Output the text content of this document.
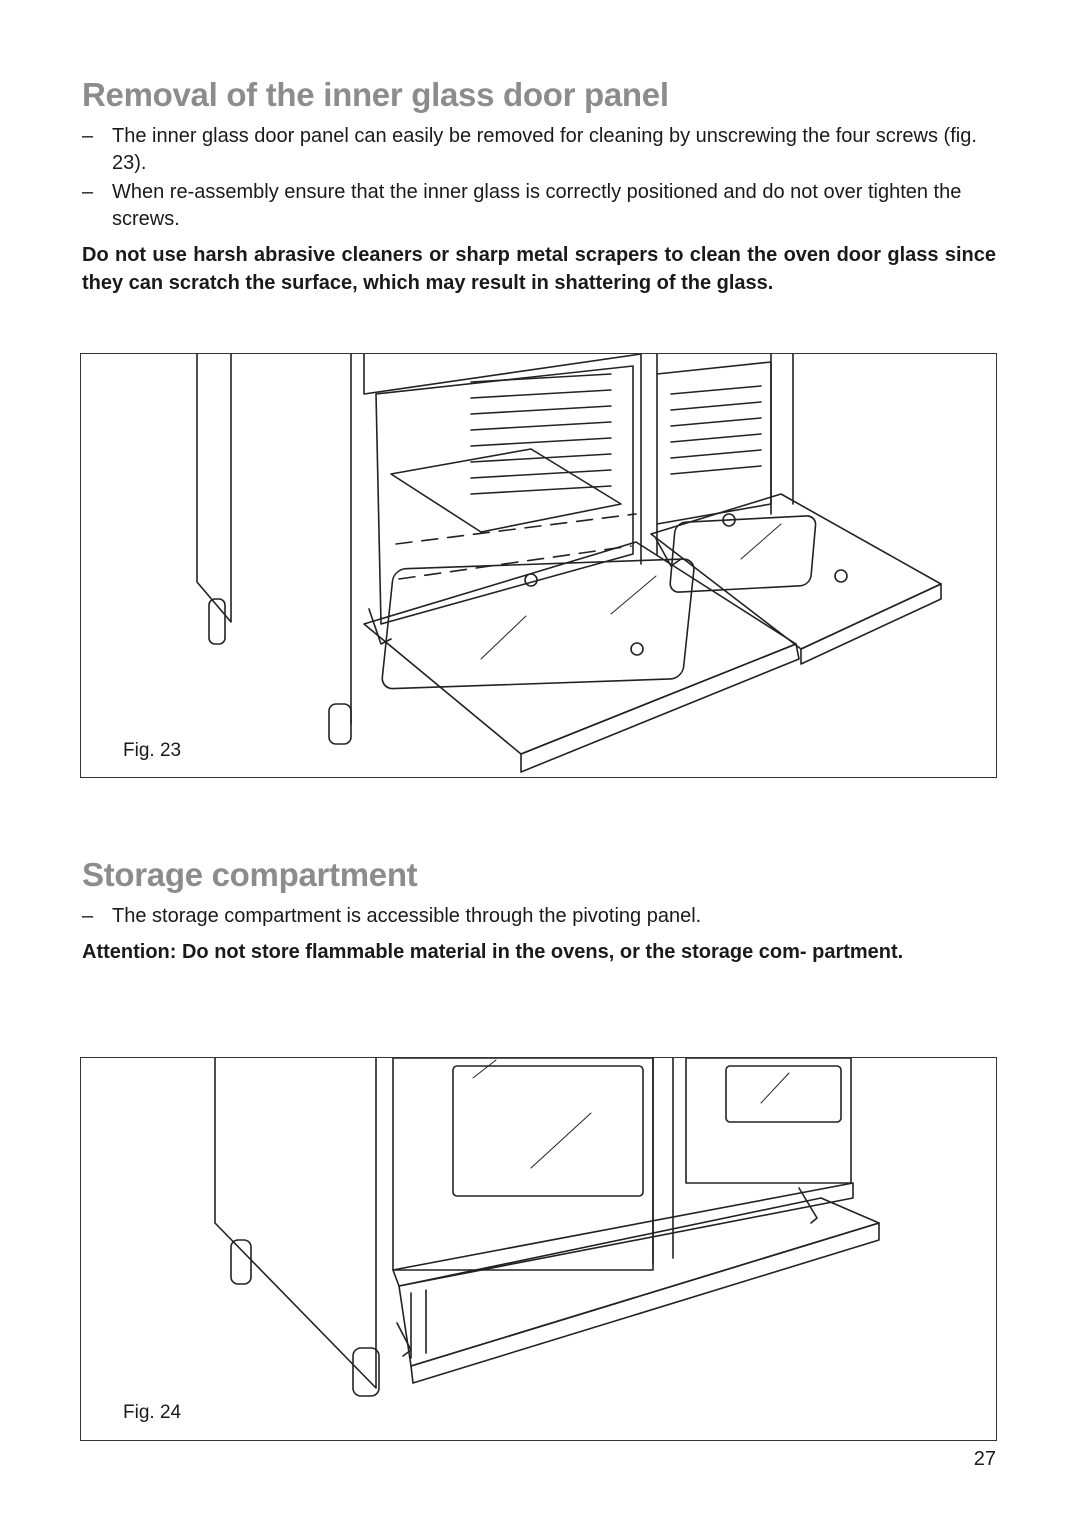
Removal of the inner glass door panel
– The inner glass door panel can easily be removed for cleaning by unscrewing the four screws (fig. 23).
– When re-assembly ensure that the inner glass is correctly positioned and do not over tighten the screws.

Do not use harsh abrasive cleaners or sharp metal scrapers to clean the oven door glass since they can scratch the surface, which may result in shattering of the glass.

Fig. 23
Storage compartment
– The storage compartment is accessible through the pivoting panel.

Attention: Do not store flammable material in the ovens, or the storage com- partment.

Fig. 24
27
